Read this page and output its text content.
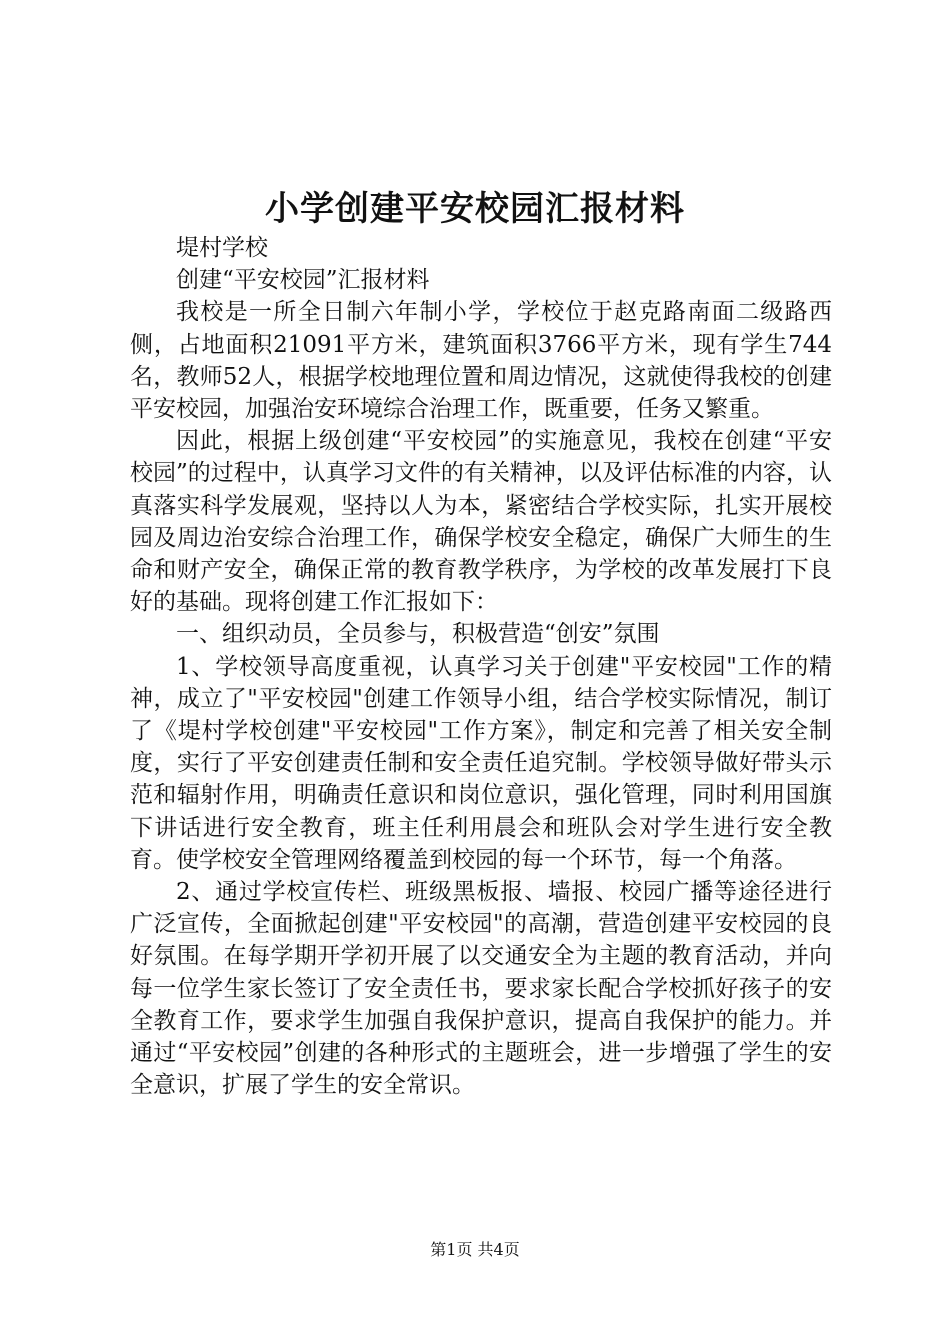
小学创建平安校园汇报材料

堤村学校

创建“平安校园”汇报材料

我校是一所全日制六年制小学，学校位于赵克路南面二级路西侧，占地面积21091平方米，建筑面积3766平方米，现有学生744名，教师52人，根据学校地理位置和周边情况，这就使得我校的创建平安校园，加强治安环境综合治理工作，既重要，任务又繁重。

因此，根据上级创建“平安校园”的实施意见，我校在创建“平安校园”的过程中，认真学习文件的有关精神，以及评估标准的内容，认真落实科学发展观，坚持以人为本，紧密结合学校实际，扎实开展校园及周边治安综合治理工作，确保学校安全稳定，确保广大师生的生命和财产安全，确保正常的教育教学秩序，为学校的改革发展打下良好的基础。现将创建工作汇报如下：

一、组织动员，全员参与，积极营造“创安”氛围

1、学校领导高度重视，认真学习关于创建"平安校园"工作的精神，成立了"平安校园"创建工作领导小组，结合学校实际情况，制订了《堤村学校创建"平安校园"工作方案》，制定和完善了相关安全制度，实行了平安创建责任制和安全责任追究制。学校领导做好带头示范和辐射作用，明确责任意识和岗位意识，强化管理，同时利用国旗下讲话进行安全教育，班主任利用晨会和班队会对学生进行安全教育。使学校安全管理网络覆盖到校园的每一个环节，每一个角落。

2、通过学校宣传栏、班级黑板报、墙报、校园广播等途径进行广泛宣传，全面掀起创建"平安校园"的高潮，营造创建平安校园的良好氛围。在每学期开学初开展了以交通安全为主题的教育活动，并向每一位学生家长签订了安全责任书，要求家长配合学校抓好孩子的安全教育工作，要求学生加强自我保护意识，提高自我保护的能力。并通过“平安校园”创建的各种形式的主题班会，进一步增强了学生的安全意识，扩展了学生的安全常识。

第1页 共4页
